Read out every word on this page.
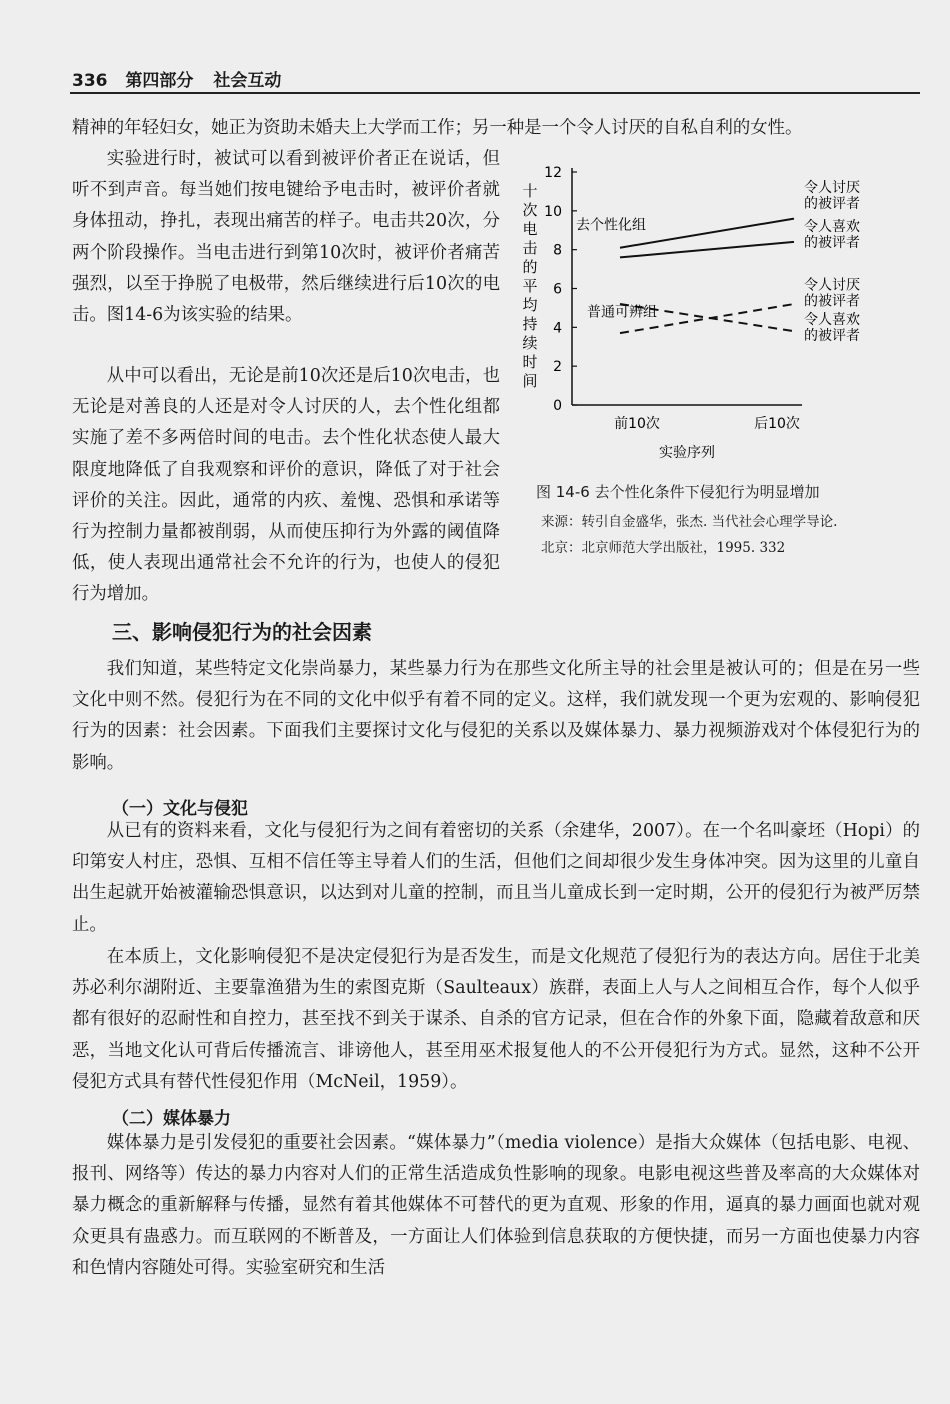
336 第四部分 社会互动

精神的年轻妇女，她正为资助未婚夫上大学而工作；另一种是一个令人讨厌的自私自利的女性。

实验进行时，被试可以看到被评价者正在说话，但听不到声音。每当她们按电键给予电击时，被评价者就身体扭动，挣扎，表现出痛苦的样子。电击共20次，分两个阶段操作。当电击进行到第10次时，被评价者痛苦强烈，以至于挣脱了电极带，然后继续进行后10次的电击。图14-6为该实验的结果。

从中可以看出，无论是前10次还是后10次电击，也无论是对善良的人还是对令人讨厌的人，去个性化组都实施了差不多两倍时间的电击。去个性化状态使人最大限度地降低了自我观察和评价的意识，降低了对于社会评价的关注。因此，通常的内疚、羞愧、恐惧和承诺等行为控制力量都被削弱，从而使压抑行为外露的阈值降低，使人表现出通常社会不允许的行为，也使人的侵犯行为增加。

0
2
4
6
8
10
12
十
次
电
击
的
平
均
持
续
时
间
前10次	后10次
实验序列
去个性化组
普通可辨组
令人讨厌
的被评者
令人喜欢
的被评者
令人讨厌
的被评者
令人喜欢
的被评者

图 14-6 去个性化条件下侵犯行为明显增加

来源：转引自金盛华，张杰. 当代社会心理学导论.

北京：北京师范大学出版社，1995. 332

三、影响侵犯行为的社会因素

我们知道，某些特定文化崇尚暴力，某些暴力行为在那些文化所主导的社会里是被认可的；但是在另一些文化中则不然。侵犯行为在不同的文化中似乎有着不同的定义。这样，我们就发现一个更为宏观的、影响侵犯行为的因素：社会因素。下面我们主要探讨文化与侵犯的关系以及媒体暴力、暴力视频游戏对个体侵犯行为的影响。

（一）文化与侵犯

从已有的资料来看，文化与侵犯行为之间有着密切的关系（余建华，2007）。在一个名叫豪坯（Hopi）的印第安人村庄，恐惧、互相不信任等主导着人们的生活，但他们之间却很少发生身体冲突。因为这里的儿童自出生起就开始被灌输恐惧意识，以达到对儿童的控制，而且当儿童成长到一定时期，公开的侵犯行为被严厉禁止。

在本质上，文化影响侵犯不是决定侵犯行为是否发生，而是文化规范了侵犯行为的表达方向。居住于北美苏必利尔湖附近、主要靠渔猎为生的索图克斯（Saulteaux）族群，表面上人与人之间相互合作，每个人似乎都有很好的忍耐性和自控力，甚至找不到关于谋杀、自杀的官方记录，但在合作的外象下面，隐藏着敌意和厌恶，当地文化认可背后传播流言、诽谤他人，甚至用巫术报复他人的不公开侵犯行为方式。显然，这种不公开侵犯方式具有替代性侵犯作用（McNeil，1959）。

（二）媒体暴力

媒体暴力是引发侵犯的重要社会因素。“媒体暴力”（media violence）是指大众媒体（包括电影、电视、报刊、网络等）传达的暴力内容对人们的正常生活造成负性影响的现象。电影电视这些普及率高的大众媒体对暴力概念的重新解释与传播，显然有着其他媒体不可替代的更为直观、形象的作用，逼真的暴力画面也就对观众更具有蛊惑力。而互联网的不断普及，一方面让人们体验到信息获取的方便快捷，而另一方面也使暴力内容和色情内容随处可得。实验室研究和生活
